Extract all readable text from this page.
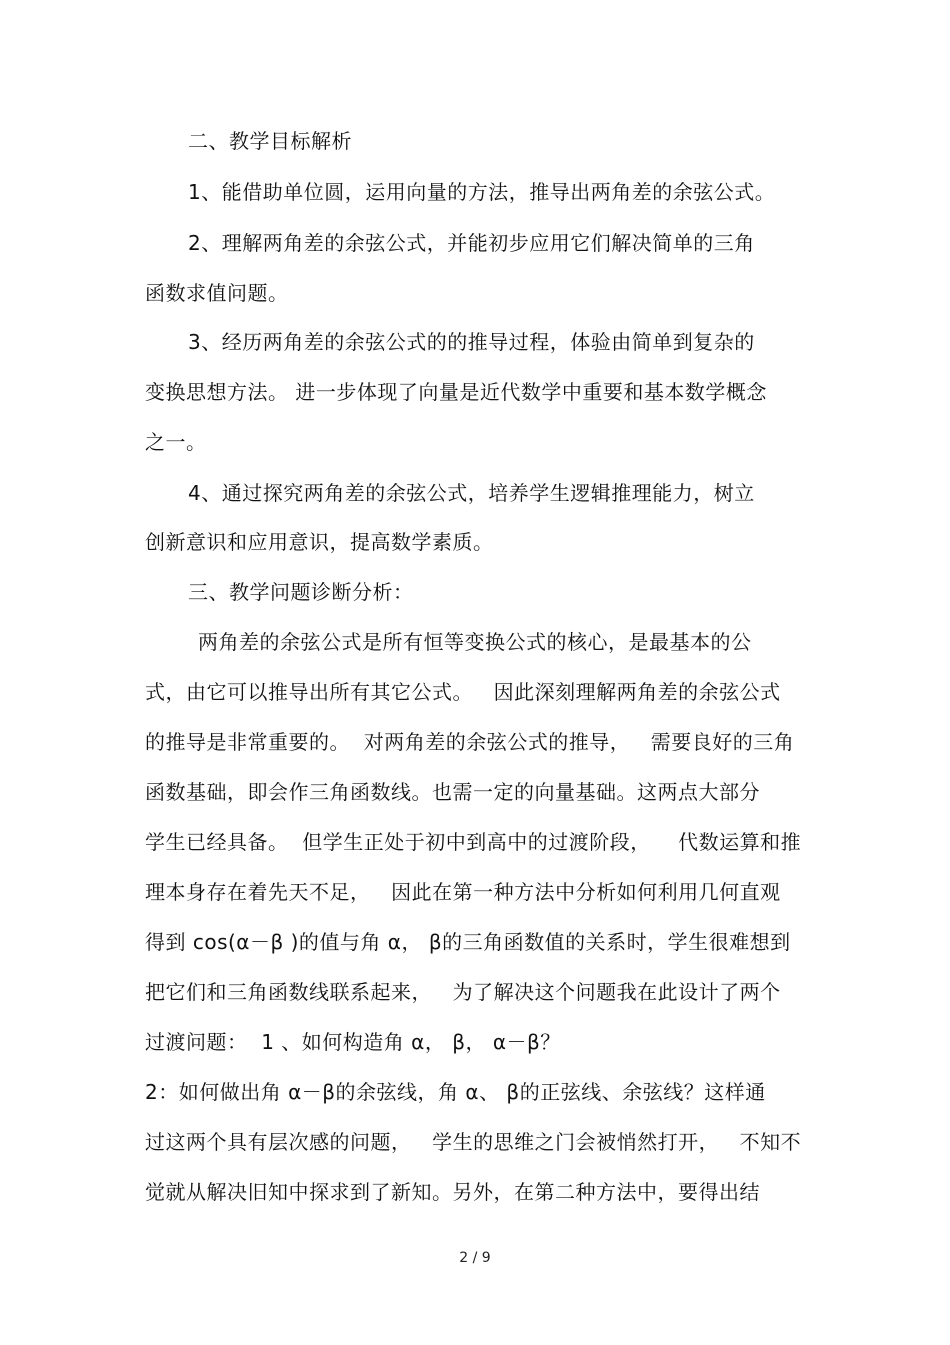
二、教学目标解析
1、能借助单位圆，运用向量的方法，推导出两角差的余弦公式。
2、理解两角差的余弦公式，并能初步应用它们解决简单的三角
函数求值问题。
3、经历两角差的余弦公式的的推导过程，体验由简单到复杂的
变换思想方法。 进一步体现了向量是近代数学中重要和基本数学概念
之一。
4、通过探究两角差的余弦公式，培养学生逻辑推理能力，树立
创新意识和应用意识，提高数学素质。
三、教学问题诊断分析：
两角差的余弦公式是所有恒等变换公式的核心，是最基本的公
式，由它可以推导出所有其它公式。   因此深刻理解两角差的余弦公式
的推导是非常重要的。  对两角差的余弦公式的推导，   需要良好的三角
函数基础，即会作三角函数线。也需一定的向量基础。这两点大部分
学生已经具备。  但学生正处于初中到高中的过渡阶段，    代数运算和推
理本身存在着先天不足，   因此在第一种方法中分析如何利用几何直观
得到 cos(α－β )的值与角 α， β的三角函数值的关系时，学生很难想到
把它们和三角函数线联系起来，   为了解决这个问题我在此设计了两个
过渡问题：  1 、如何构造角 α， β， α－β？
2：如何做出角 α－β的余弦线，角 α、 β的正弦线、余弦线？这样通
过这两个具有层次感的问题，   学生的思维之门会被悄然打开，   不知不
觉就从解决旧知中探求到了新知。另外，在第二种方法中，要得出结
2 / 9
